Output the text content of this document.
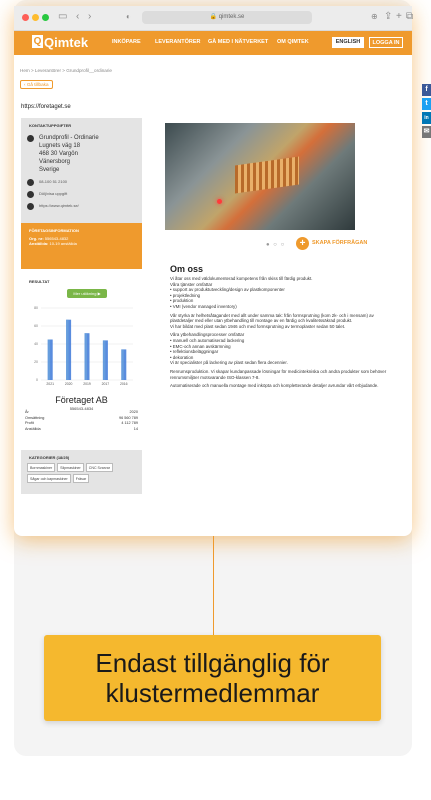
▭ ‹ ›	◐	🔒 qimtek.se	⊕ ⇪ + ⧉
Q Qimtek	INKÖPARE	LEVERANTÖRER GÅ MED I NÄTVERKET OM QIMTEK	ENGLISH	LOGGA IN
Hem > Leverantörer > Grundprofil__ordinarie
‹ Gå tillbaka
f
t
in
✉
https://foretaget.se
KONTAKTUPPGIFTER
Grundprofil - Ordinarie
Lugnets väg 18
468 30 Vargön
Vänersborg
Sverige
08-100 51 2100
Dölj/visa uppgift
https://www.qimtek.se/
FÖRETAGSINFORMATION
Org. nr: 556543-4832
Anställda: 10-19 anställda
RESULTAT
Mer utökning ▶
0
20
40
60
80
2021	2020	2019	2017	2016
Företaget AB
556543-4834
År	2020
Omsättning	96 560 789
Profit	4 112 789
Anställda	14
KATEGORIER (18/25)
Bornmaskiner	Slipmaskiner	CNC Svarvar
Sågar och kapmaskiner	Fräsar
● ○ ○	+	SKAPA FÖRFRÅGAN
Om oss
Vi åtar oss med väldokumenterad kompetens från skiss till färdig produkt.
Våra tjänster omfattar
• support av produktutveckling/design av plastkomponenter
• projektledning
• produktion

• VMI (vendor managed inventory)

Vår styrka är helhetsåtagandet med allt under samma tak: från formsprutning (kom 2k- och i mensam) av plastdetaljer med eller utan ytbehandling till montage av en färdig och kvalitetssäkrad produkt.

Vi har bildat med plast sedan 1946 och med formsprutning av termoplaster sedan 50 talet.

Våra ytbehandlingsprocesser omfattar
• manuell och automatiserad lackering
• EMC-och annan avskärmning
• reflektionsbeläggningar
• dekoration

Vi är specialister på lackering av plast sedan flera decennier.

Renrumsproduktion. Vi skapar kundanpassade lösningar för medicintekniska och andra produkter som behöver renrumsmiljöer motsvarande ISO-klassen 7-8.

Automatiserade och manuella montage med inköpta och kompletterande detaljer avrundar vårt erbjudande.

Endast tillgänglig för klustermedlemmar
